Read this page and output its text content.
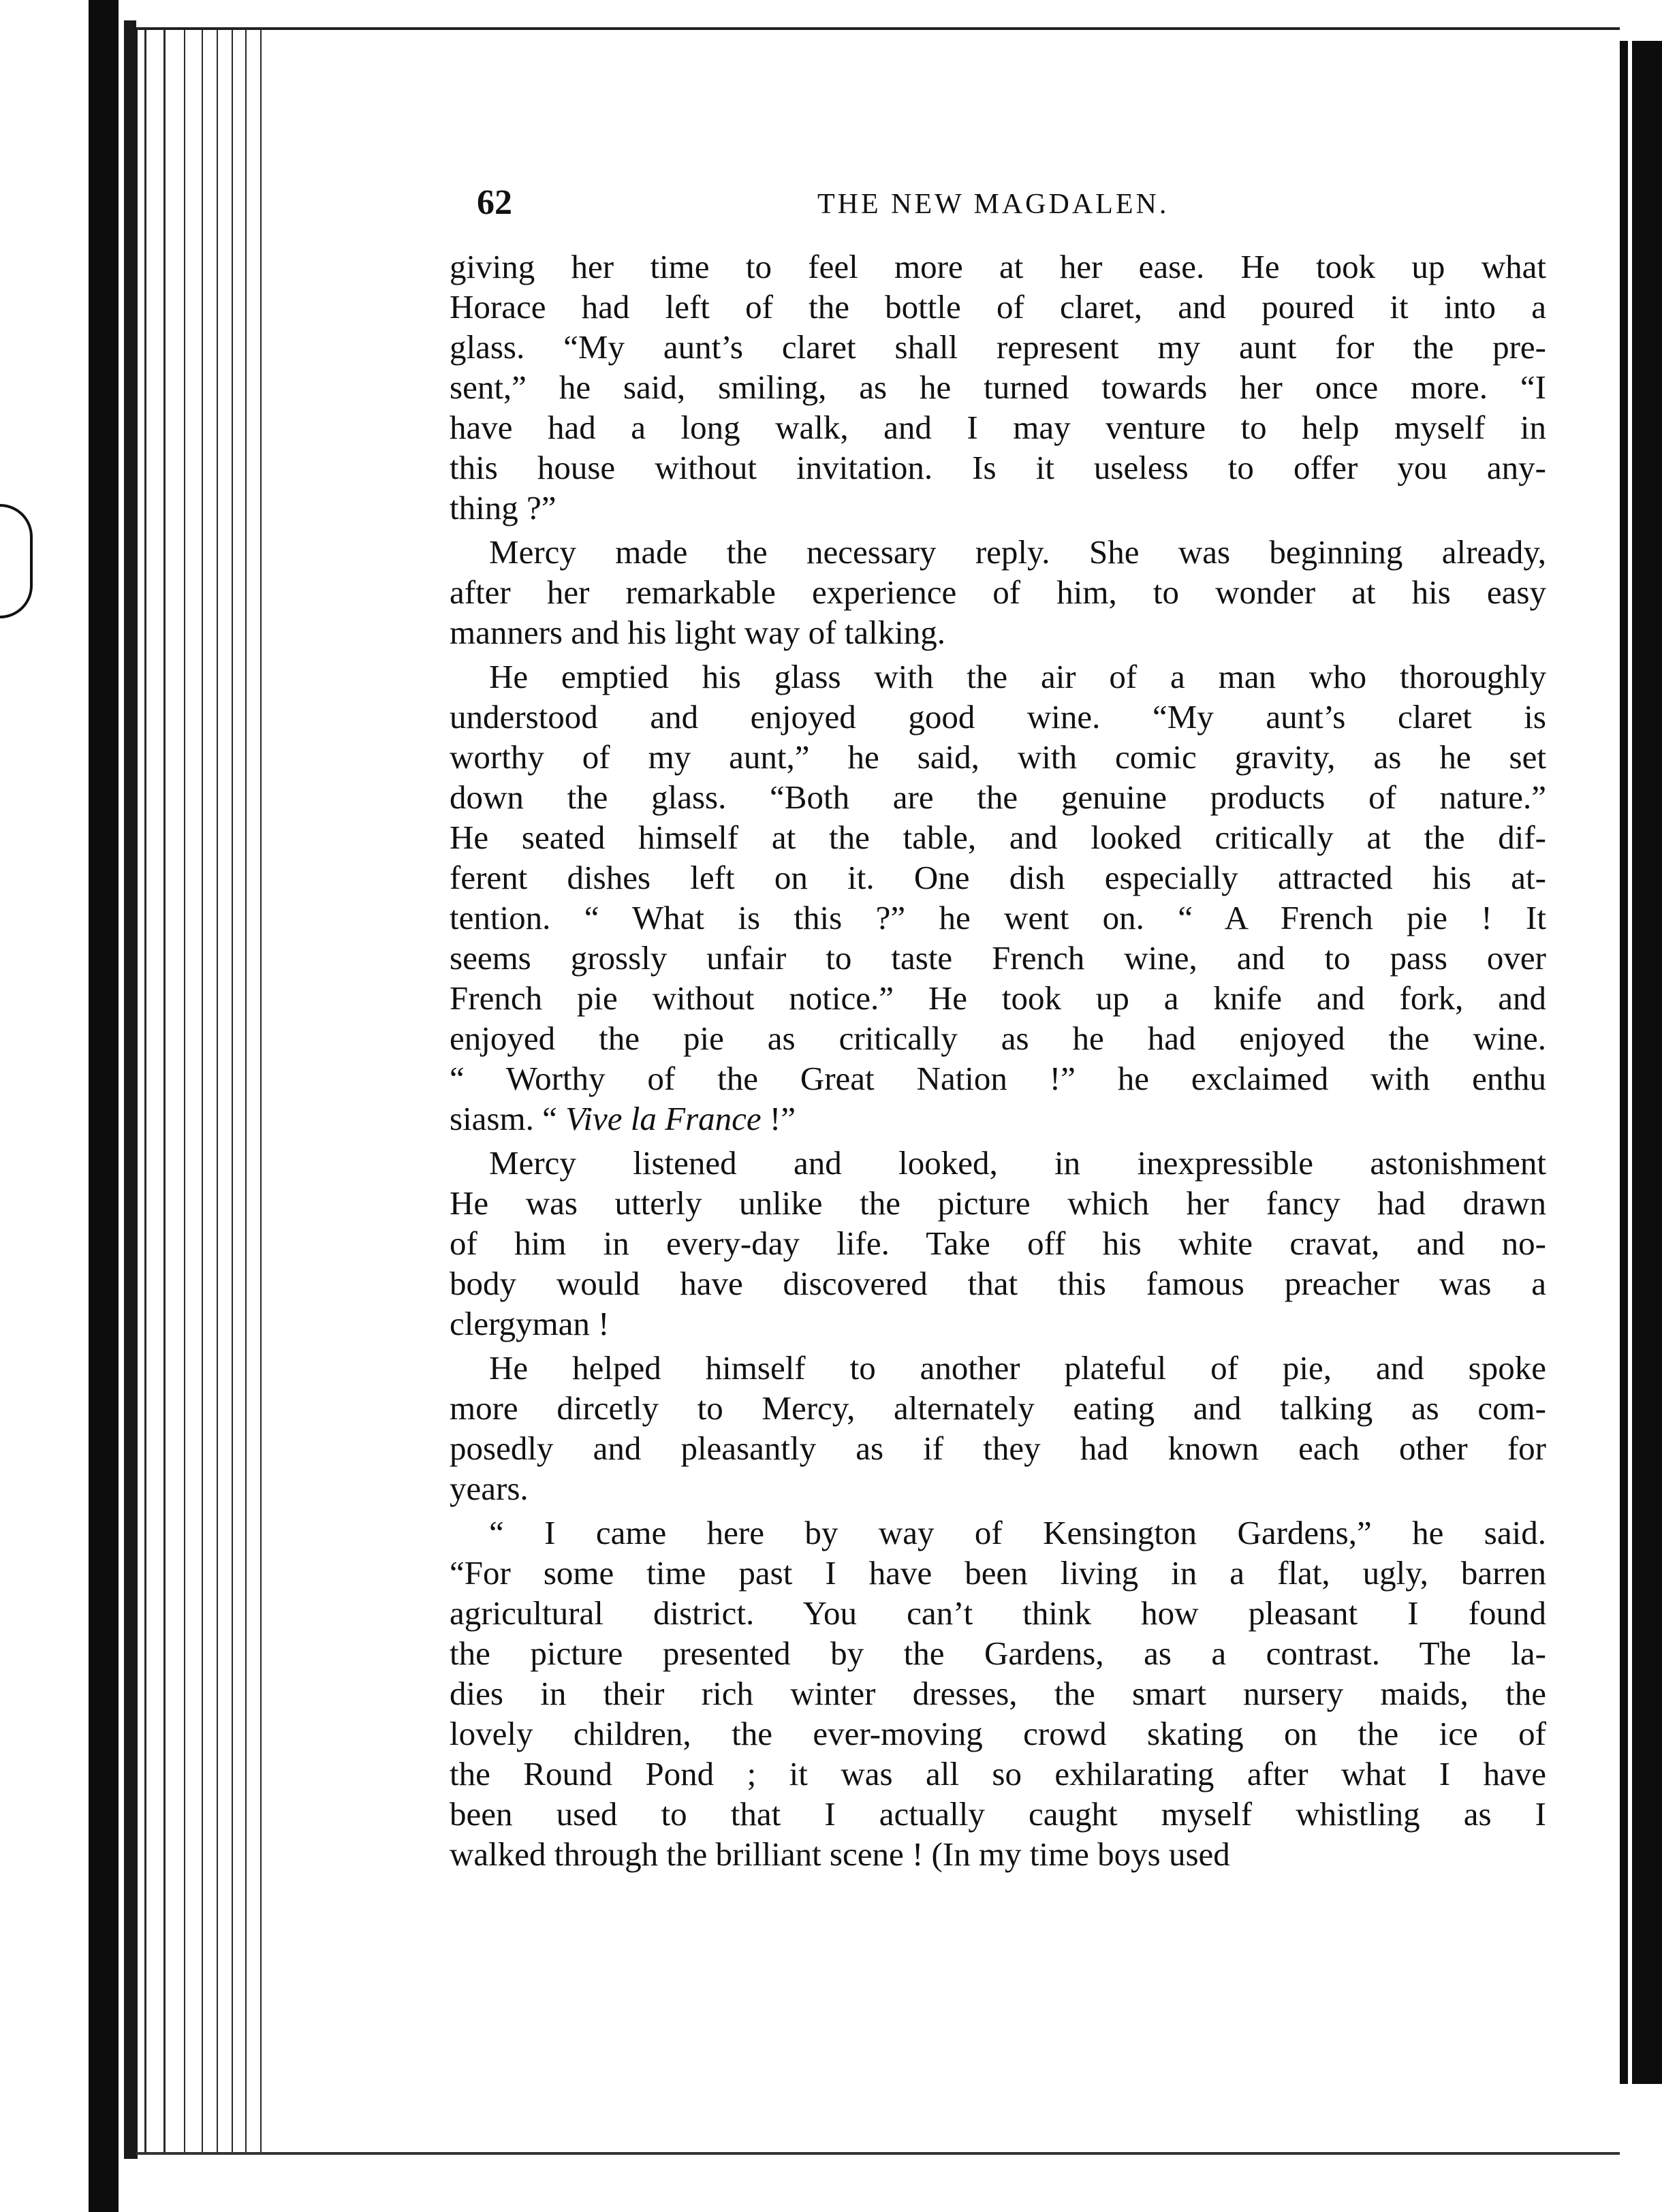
62	THE NEW MAGDALEN.
giving her time to feel more at her ease. He took up what
Horace had left of the bottle of claret, and poured it into a
glass. “My aunt’s claret shall represent my aunt for the pre-
sent,” he said, smiling, as he turned towards her once more. “I
have had a long walk, and I may venture to help myself in
this house without invitation. Is it useless to offer you any-
thing ?”
Mercy made the necessary reply. She was beginning already,
after her remarkable experience of him, to wonder at his easy
manners and his light way of talking.
He emptied his glass with the air of a man who thoroughly
understood and enjoyed good wine. “My aunt’s claret is
worthy of my aunt,” he said, with comic gravity, as he set
down the glass. “Both are the genuine products of nature.”
He seated himself at the table, and looked critically at the dif-
ferent dishes left on it. One dish especially attracted his at-
tention. “ What is this ?” he went on. “ A French pie ! It
seems grossly unfair to taste French wine, and to pass over
French pie without notice.” He took up a knife and fork, and
enjoyed the pie as critically as he had enjoyed the wine.
“ Worthy of the Great Nation !” he exclaimed with enthu
siasm. “ Vive la France !”
Mercy listened and looked, in inexpressible astonishment
He was utterly unlike the picture which her fancy had drawn
of him in every-day life. Take off his white cravat, and no-
body would have discovered that this famous preacher was a
clergyman !
He helped himself to another plateful of pie, and spoke
more dircetly to Mercy, alternately eating and talking as com-
posedly and pleasantly as if they had known each other for
years.
“ I came here by way of Kensington Gardens,” he said.
“For some time past I have been living in a flat, ugly, barren
agricultural district. You can’t think how pleasant I found
the picture presented by the Gardens, as a contrast. The la-
dies in their rich winter dresses, the smart nursery maids, the
lovely children, the ever-moving crowd skating on the ice of
the Round Pond ; it was all so exhilarating after what I have
been used to that I actually caught myself whistling as I
walked through the brilliant scene ! (In my time boys used
